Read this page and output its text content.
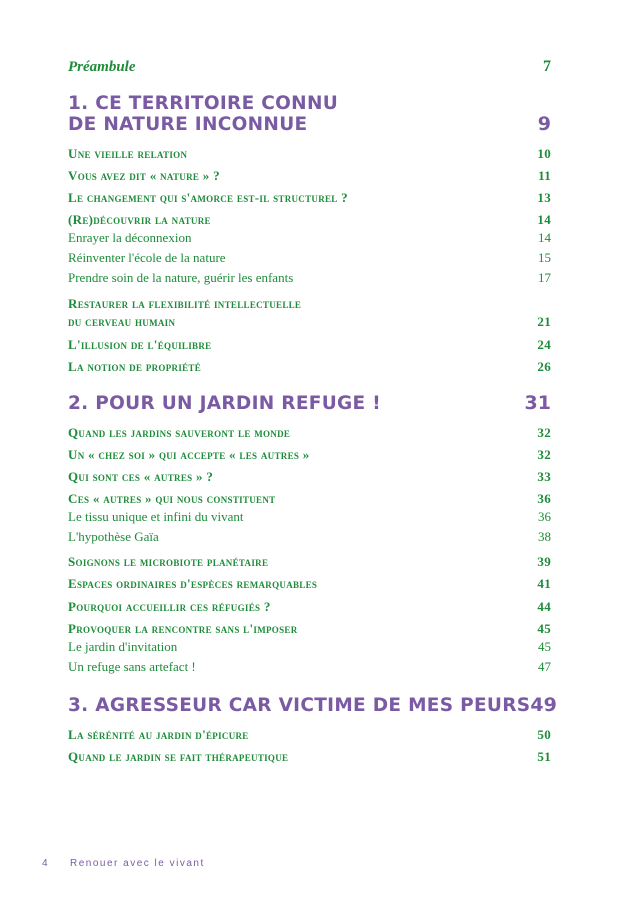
Préambule	7
1. CE TERRITOIRE CONNU
DE NATURE INCONNUE	9
Une vieille relation	10
Vous avez dit « nature » ?	11
Le changement qui s'amorce est-il structurel ?	13
(Re)découvrir la nature	14
Enrayer la déconnexion	14
Réinventer l'école de la nature	15
Prendre soin de la nature, guérir les enfants	17
Restaurer la flexibilité intellectuelle
du cerveau humain	21
L'illusion de l'équilibre	24
La notion de propriété	26
2. POUR UN JARDIN REFUGE !	31
Quand les jardins sauveront le monde	32
Un « chez soi » qui accepte « les autres »	32
Qui sont ces « autres » ?	33
Ces « autres » qui nous constituent	36
Le tissu unique et infini du vivant	36
L'hypothèse Gaïa	38
Soignons le microbiote planétaire	39
Espaces ordinaires d'espèces remarquables	41
Pourquoi accueillir ces réfugiés ?	44
Provoquer la rencontre sans l'imposer	45
Le jardin d'invitation	45
Un refuge sans artefact !	47
3. AGRESSEUR CAR VICTIME DE MES PEURS 49
La sérénité au jardin d'épicure	50
Quand le jardin se fait thérapeutique	51
4 Renouer avec le vivant
